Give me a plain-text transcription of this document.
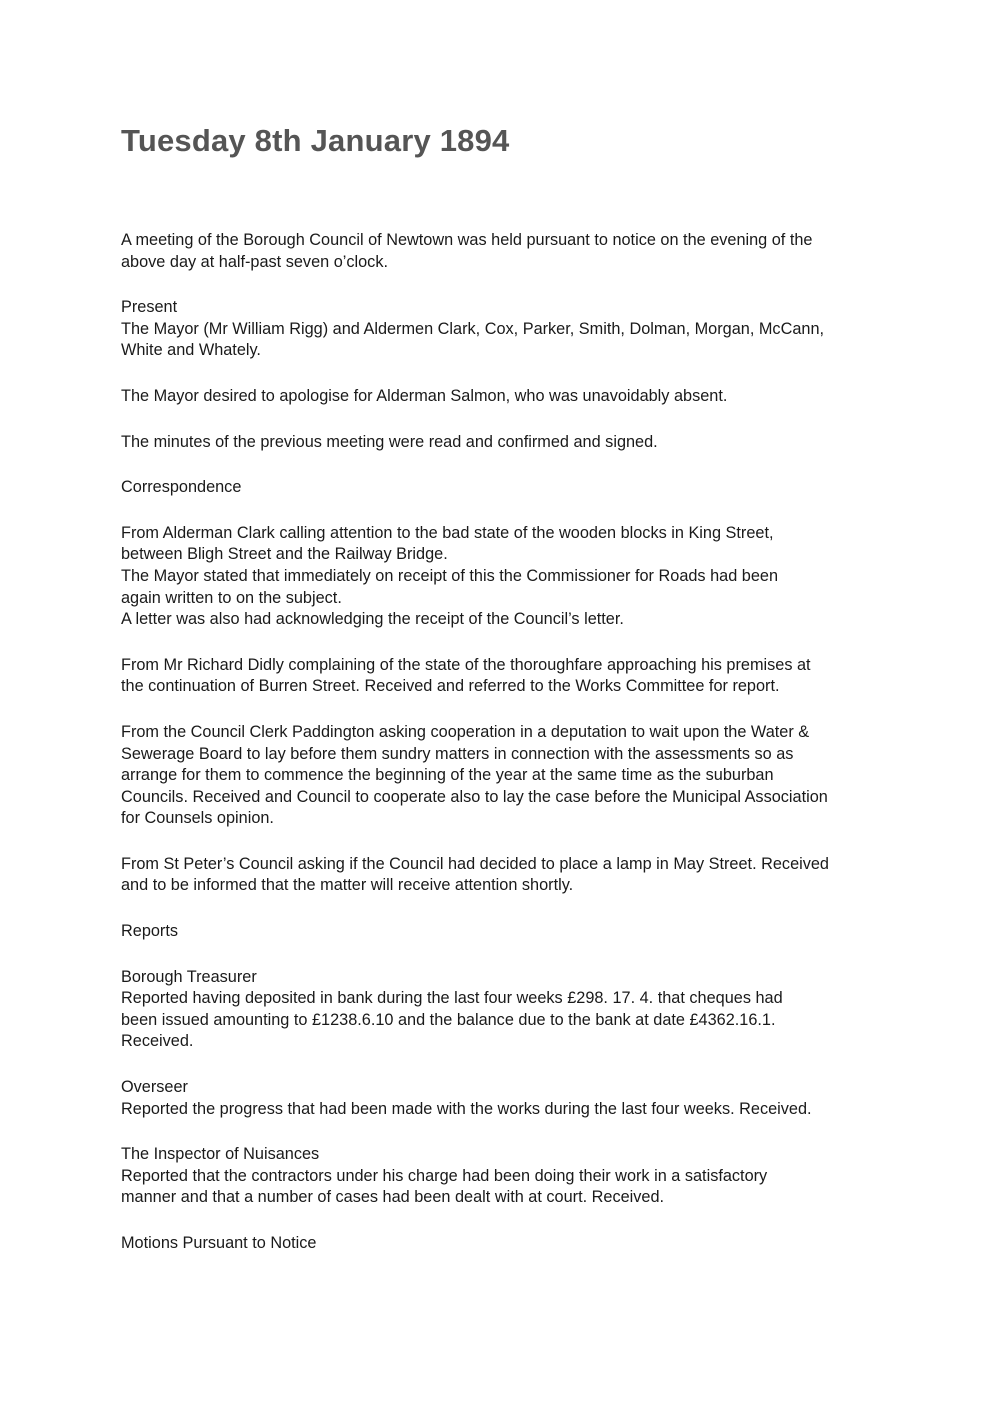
Tuesday 8th January 1894
A meeting of the Borough Council of Newtown was held pursuant to notice on the evening of the
above day at half-past seven o’clock.
Present
The Mayor (Mr William Rigg) and Aldermen Clark, Cox, Parker, Smith, Dolman, Morgan, McCann,
White and Whately.
The Mayor desired to apologise for Alderman Salmon, who was unavoidably absent.
The minutes of the previous meeting were read and confirmed and signed.
Correspondence
From Alderman Clark calling attention to the bad state of the wooden blocks in King Street,
between Bligh Street and the Railway Bridge.
The Mayor stated that immediately on receipt of this the Commissioner for Roads had been
again written to on the subject.
A letter was also had acknowledging the receipt of the Council’s letter.
From Mr Richard Didly complaining of the state of the thoroughfare approaching his premises at
the continuation of Burren Street. Received and referred to the Works Committee for report.
From the Council Clerk Paddington asking cooperation in a deputation to wait upon the Water &
Sewerage Board to lay before them sundry matters in connection with the assessments so as
arrange for them to commence the beginning of the year at the same time as the suburban
Councils. Received and Council to cooperate also to lay the case before the Municipal Association
for Counsels opinion.
From St Peter’s Council asking if the Council had decided to place a lamp in May Street. Received
and to be informed that the matter will receive attention shortly.
Reports
Borough Treasurer
Reported having deposited in bank during the last four weeks £298. 17. 4. that cheques had
been issued amounting to £1238.6.10 and the balance due to the bank at date £4362.16.1.
Received.
Overseer
Reported the progress that had been made with the works during the last four weeks. Received.
The Inspector of Nuisances
Reported that the contractors under his charge had been doing their work in a satisfactory
manner and that a number of cases had been dealt with at court. Received.
Motions Pursuant to Notice
